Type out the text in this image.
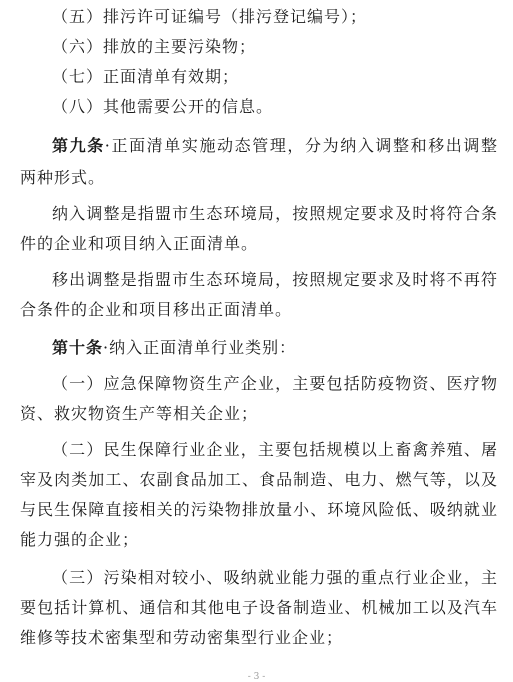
（五）排污许可证编号（排污登记编号）；
（六）排放的主要污染物；
（七）正面清单有效期；
（八）其他需要公开的信息。
第九条·正面清单实施动态管理，分为纳入调整和移出调整
两种形式。
纳入调整是指盟市生态环境局，按照规定要求及时将符合条
件的企业和项目纳入正面清单。
移出调整是指盟市生态环境局，按照规定要求及时将不再符
合条件的企业和项目移出正面清单。
第十条·纳入正面清单行业类别：
（一）应急保障物资生产企业，主要包括防疫物资、医疗物
资、救灾物资生产等相关企业；
（二）民生保障行业企业，主要包括规模以上畜禽养殖、屠
宰及肉类加工、农副食品加工、食品制造、电力、燃气等，以及
与民生保障直接相关的污染物排放量小、环境风险低、吸纳就业
能力强的企业；
（三）污染相对较小、吸纳就业能力强的重点行业企业，主
要包括计算机、通信和其他电子设备制造业、机械加工以及汽车
维修等技术密集型和劳动密集型行业企业；
- 3 -
